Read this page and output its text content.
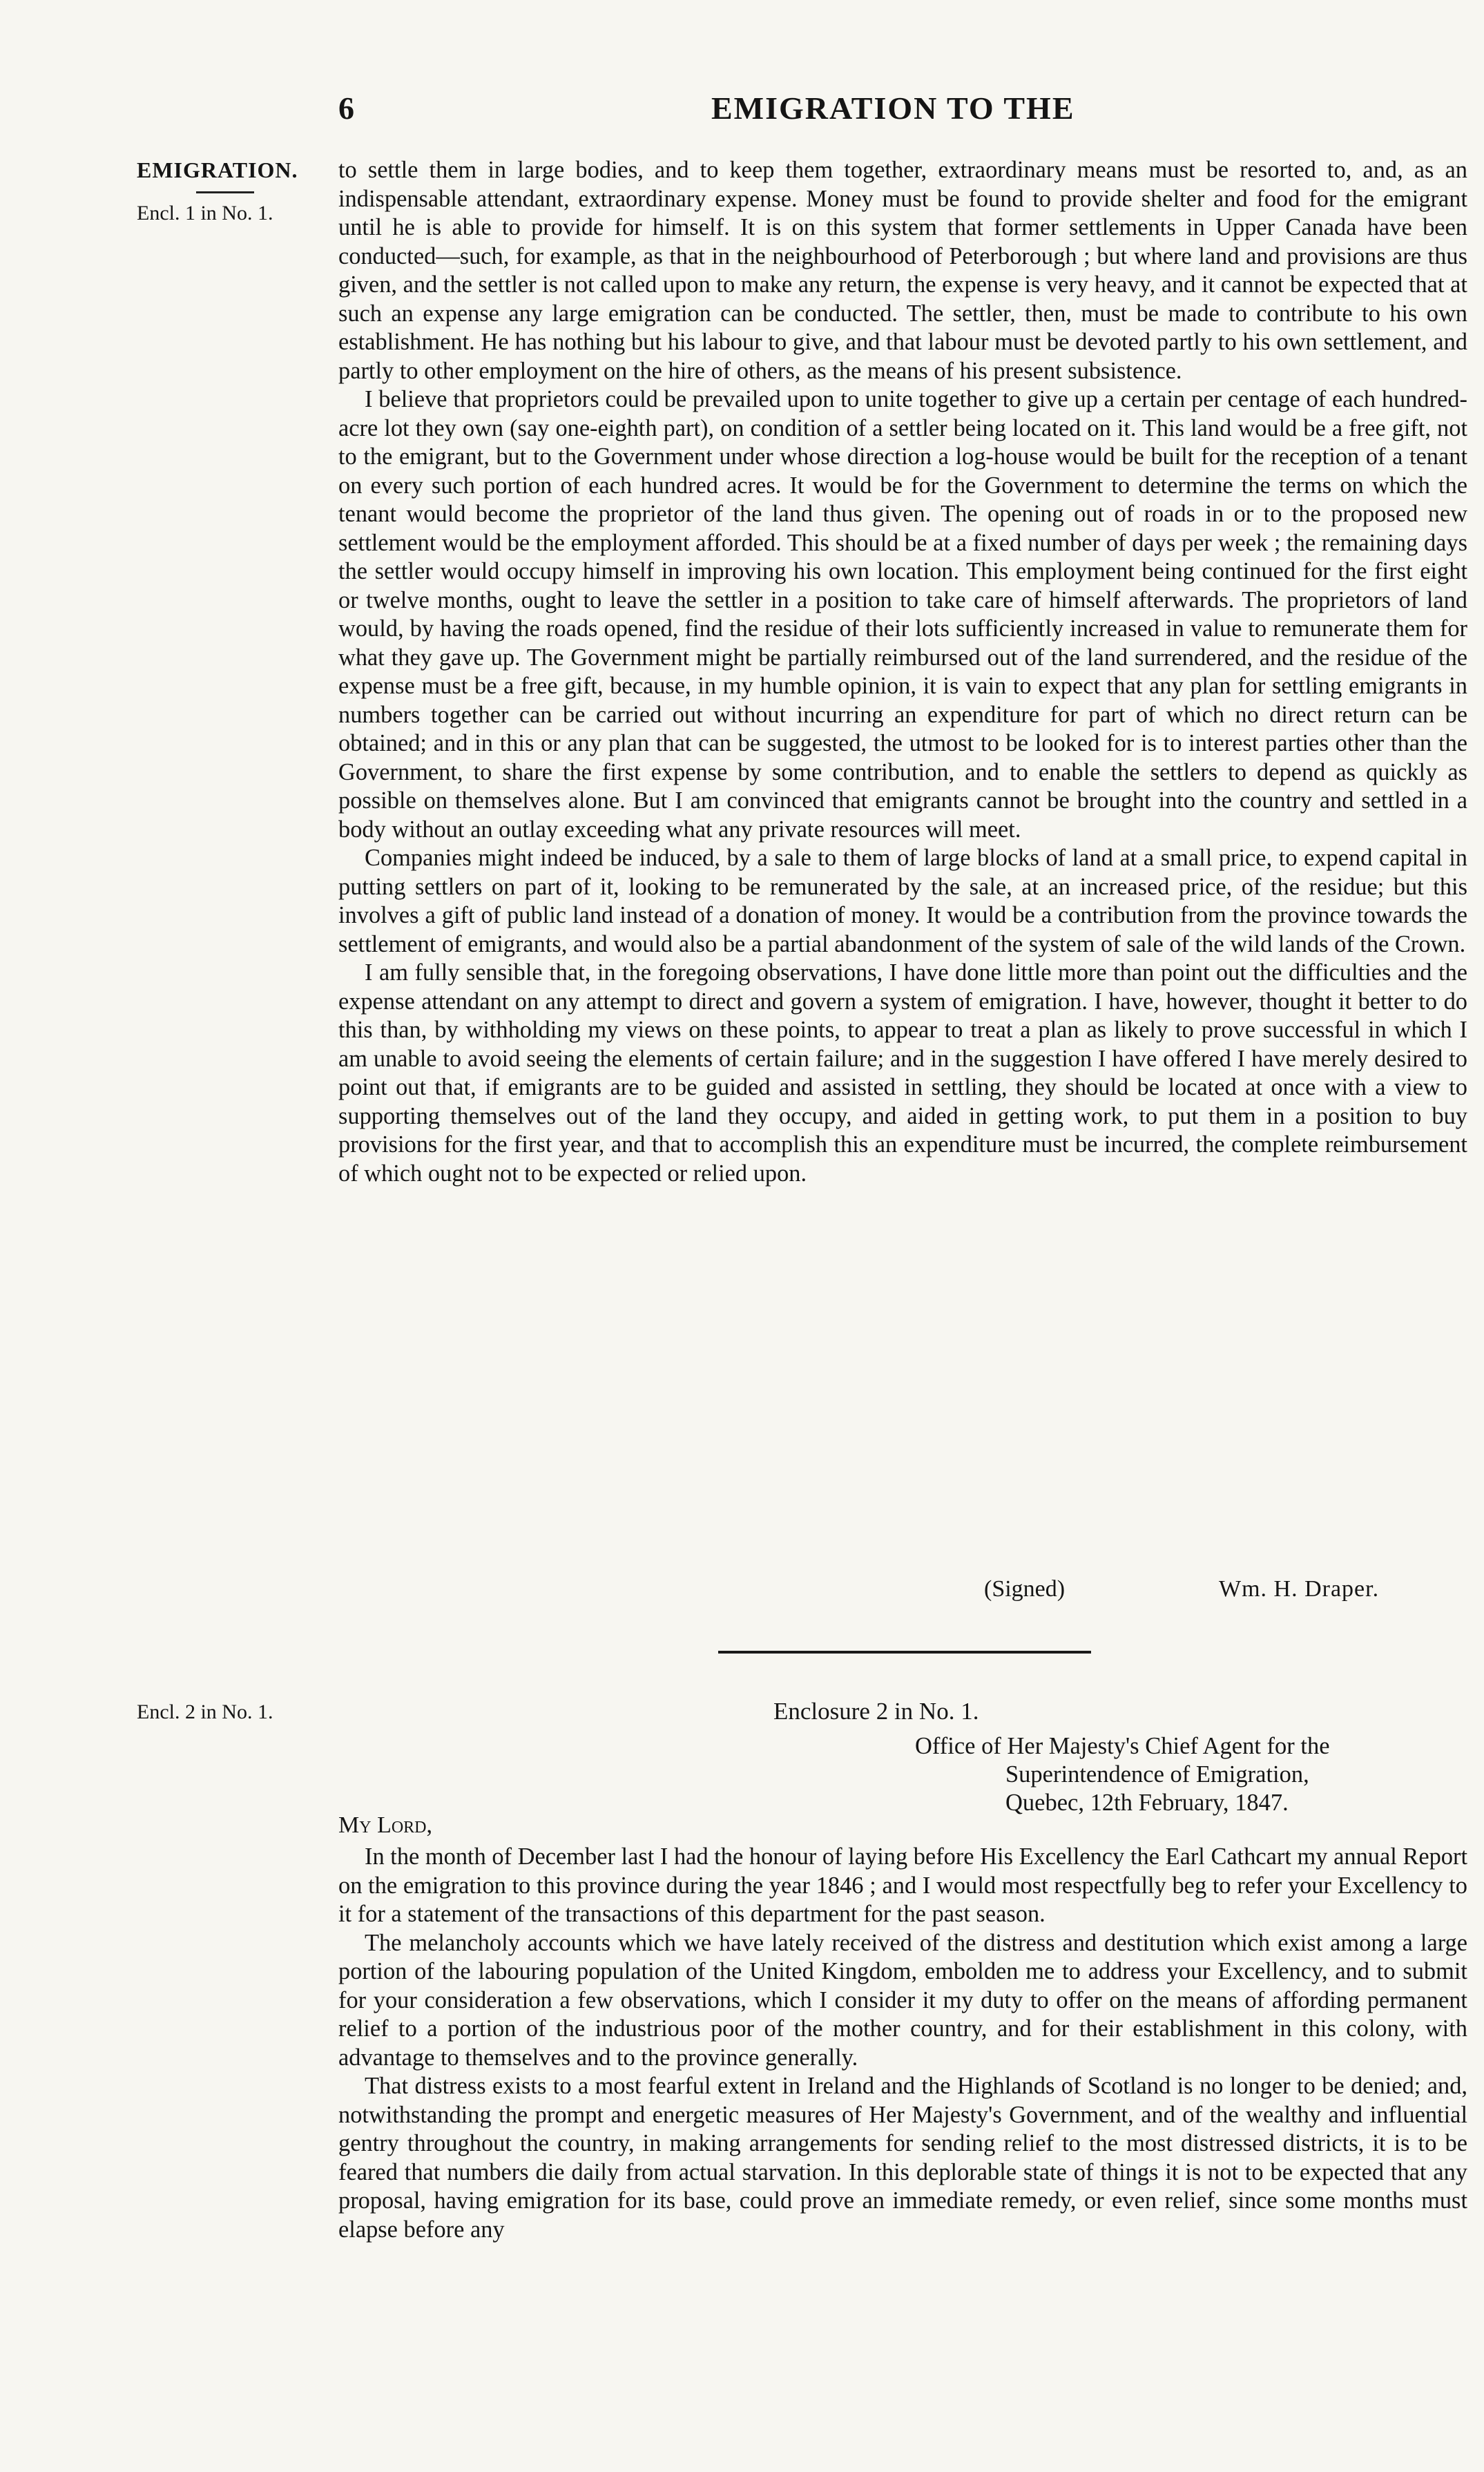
6	EMIGRATION TO THE
EMIGRATION.
Encl. 1 in No. 1.

to settle them in large bodies, and to keep them together, extraordinary means must be resorted to, and, as an indispensable attendant, extraordinary expense. Money must be found to provide shelter and food for the emigrant until he is able to provide for himself. It is on this system that former settlements in Upper Canada have been conducted—such, for example, as that in the neighbourhood of Peterborough ; but where land and provisions are thus given, and the settler is not called upon to make any return, the expense is very heavy, and it cannot be expected that at such an expense any large emigration can be conducted. The settler, then, must be made to contribute to his own establishment. He has nothing but his labour to give, and that labour must be devoted partly to his own settlement, and partly to other employment on the hire of others, as the means of his present subsistence.

I believe that proprietors could be prevailed upon to unite together to give up a certain per centage of each hundred-acre lot they own (say one-eighth part), on condition of a settler being located on it. This land would be a free gift, not to the emigrant, but to the Government under whose direction a log-house would be built for the reception of a tenant on every such portion of each hundred acres. It would be for the Government to determine the terms on which the tenant would become the proprietor of the land thus given. The opening out of roads in or to the proposed new settlement would be the employment afforded. This should be at a fixed number of days per week ; the remaining days the settler would occupy himself in improving his own location. This employment being continued for the first eight or twelve months, ought to leave the settler in a position to take care of himself afterwards. The proprietors of land would, by having the roads opened, find the residue of their lots sufficiently increased in value to remunerate them for what they gave up. The Government might be partially reimbursed out of the land surrendered, and the residue of the expense must be a free gift, because, in my humble opinion, it is vain to expect that any plan for settling emigrants in numbers together can be carried out without incurring an expenditure for part of which no direct return can be obtained; and in this or any plan that can be suggested, the utmost to be looked for is to interest parties other than the Government, to share the first expense by some contribution, and to enable the settlers to depend as quickly as possible on themselves alone. But I am convinced that emigrants cannot be brought into the country and settled in a body without an outlay exceeding what any private resources will meet.

Companies might indeed be induced, by a sale to them of large blocks of land at a small price, to expend capital in putting settlers on part of it, looking to be remunerated by the sale, at an increased price, of the residue; but this involves a gift of public land instead of a donation of money. It would be a contribution from the province towards the settlement of emigrants, and would also be a partial abandonment of the system of sale of the wild lands of the Crown.

I am fully sensible that, in the foregoing observations, I have done little more than point out the difficulties and the expense attendant on any attempt to direct and govern a system of emigration. I have, however, thought it better to do this than, by withholding my views on these points, to appear to treat a plan as likely to prove successful in which I am unable to avoid seeing the elements of certain failure; and in the suggestion I have offered I have merely desired to point out that, if emigrants are to be guided and assisted in settling, they should be located at once with a view to supporting themselves out of the land they occupy, and aided in getting work, to put them in a position to buy provisions for the first year, and that to accomplish this an expenditure must be incurred, the complete reimbursement of which ought not to be expected or relied upon.

(Signed)	Wm. H. Draper.
Encl. 2 in No. 1.	Enclosure 2 in No. 1.
Office of Her Majesty's Chief Agent for the
Superintendence of Emigration,
Quebec, 12th February, 1847.
My Lord,

In the month of December last I had the honour of laying before His Excellency the Earl Cathcart my annual Report on the emigration to this province during the year 1846 ; and I would most respectfully beg to refer your Excellency to it for a statement of the transactions of this department for the past season.

The melancholy accounts which we have lately received of the distress and destitution which exist among a large portion of the labouring population of the United Kingdom, embolden me to address your Excellency, and to submit for your consideration a few observations, which I consider it my duty to offer on the means of affording permanent relief to a portion of the industrious poor of the mother country, and for their establishment in this colony, with advantage to themselves and to the province generally.

That distress exists to a most fearful extent in Ireland and the Highlands of Scotland is no longer to be denied; and, notwithstanding the prompt and energetic measures of Her Majesty's Government, and of the wealthy and influential gentry throughout the country, in making arrangements for sending relief to the most distressed districts, it is to be feared that numbers die daily from actual starvation. In this deplorable state of things it is not to be expected that any proposal, having emigration for its base, could prove an immediate remedy, or even relief, since some months must elapse before any
